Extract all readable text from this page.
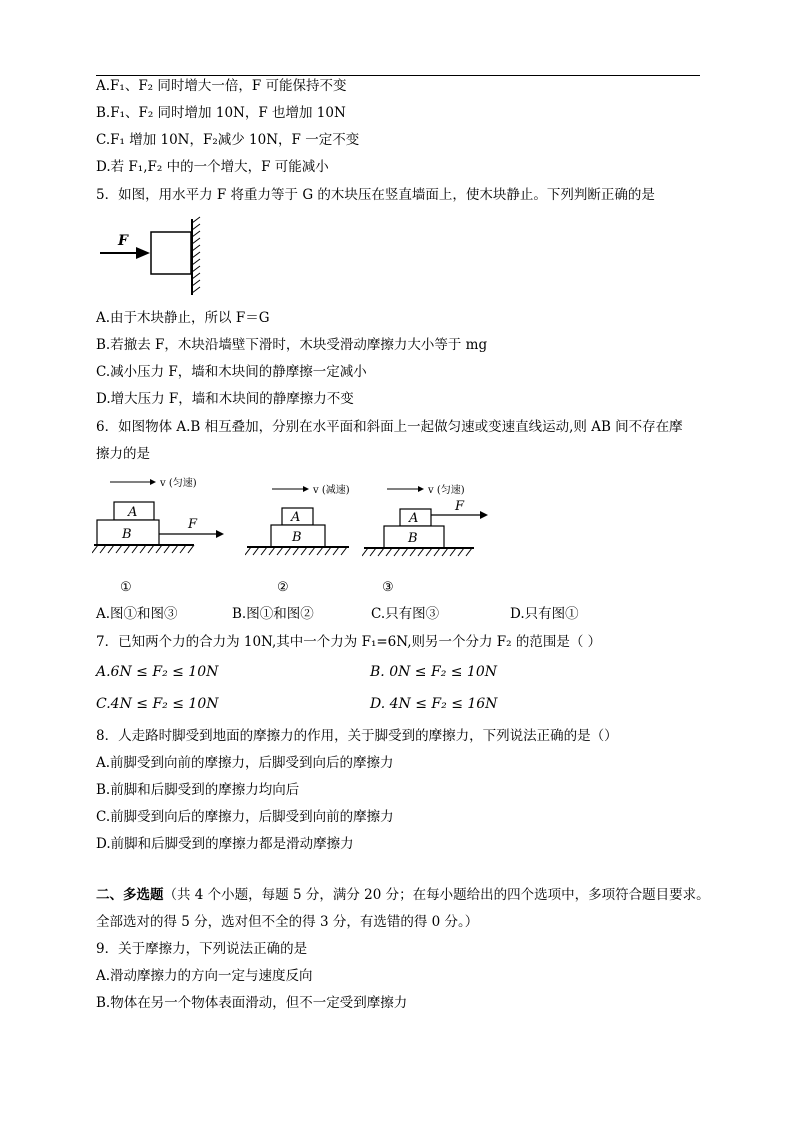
A.F₁、F₂ 同时增大一倍，F 可能保持不变
B.F₁、F₂ 同时增加 10N，F 也增加 10N
C.F₁ 增加 10N，F₂减少 10N，F 一定不变
D.若 F₁,F₂ 中的一个增大，F 可能减小
5．如图，用水平力 F 将重力等于 G 的木块压在竖直墙面上，使木块静止。下列判断正确的是
F
A.由于木块静止，所以 F＝G
B.若撤去 F，木块沿墙壁下滑时，木块受滑动摩擦力大小等于 mg
C.减小压力 F，墙和木块间的静摩擦一定减小
D.增大压力 F，墙和木块间的静摩擦力不变
6．如图物体 A.B 相互叠加，分别在水平面和斜面上一起做匀速或变速直线运动,则 AB 间不存在摩
擦力的是
v (匀速)
A
B
F
①
v (减速)
A
B
②
v (匀速)
A
F
B
③
A.图①和图③	B.图①和图②	C.只有图③	D.只有图①
7．已知两个力的合力为 10N,其中一个力为 F₁=6N,则另一个分力 F₂ 的范围是（ ）
A.6N ≤ F₂ ≤ 10N	B. 0N ≤ F₂ ≤ 10N
C.4N ≤ F₂ ≤ 10N	D. 4N ≤ F₂ ≤ 16N
8．人走路时脚受到地面的摩擦力的作用，关于脚受到的摩擦力，下列说法正确的是（）
A.前脚受到向前的摩擦力，后脚受到向后的摩擦力
B.前脚和后脚受到的摩擦力均向后
C.前脚受到向后的摩擦力，后脚受到向前的摩擦力
D.前脚和后脚受到的摩擦力都是滑动摩擦力
二、多选题（共 4 个小题，每题 5 分，满分 20 分；在每小题给出的四个选项中，多项符合题目要求。
全部选对的得 5 分，选对但不全的得 3 分，有选错的得 0 分。）
9．关于摩擦力，下列说法正确的是
A.滑动摩擦力的方向一定与速度反向
B.物体在另一个物体表面滑动，但不一定受到摩擦力
